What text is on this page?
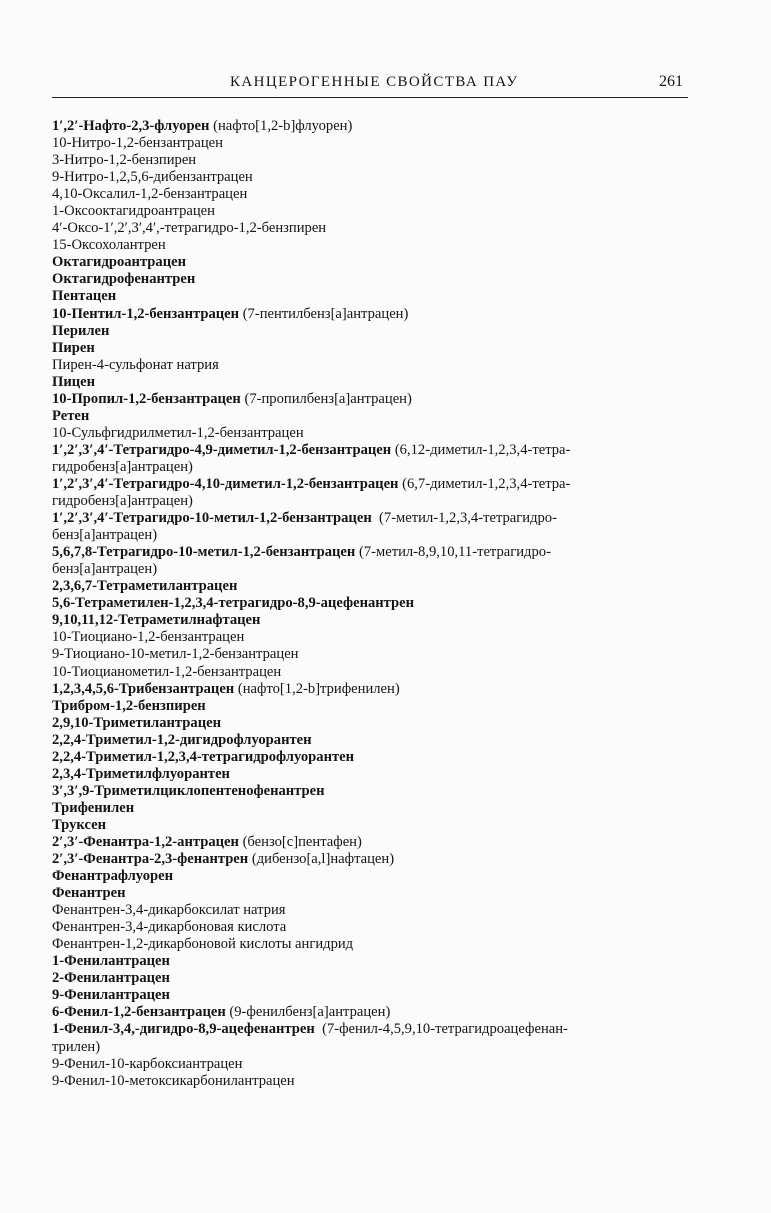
КАНЦЕРОГЕННЫЕ СВОЙСТВА ПАУ	261
1′,2′-Нафто-2,3-флуорен (нафто[1,2-b]флуорен)
10-Нитро-1,2-бензантрацен
3-Нитро-1,2-бензпирен
9-Нитро-1,2,5,6-дибензантрацен
4,10-Оксалил-1,2-бензантрацен
1-Оксооктагидроантрацен
4′-Оксо-1′,2′,3′,4′,-тетрагидро-1,2-бензпирен
15-Оксохолантрен
Октагидроантрацен
Октагидрофенантрен
Пентацен
10-Пентил-1,2-бензантрацен (7-пентилбенз[a]антрацен)
Перилен
Пирен
Пирен-4-сульфонат натрия
Пицен
10-Пропил-1,2-бензантрацен (7-пропилбенз[a]антрацен)
Ретен
10-Сульфгидрилметил-1,2-бензантрацен
1′,2′,3′,4′-Тетрагидро-4,9-диметил-1,2-бензантрацен (6,12-диметил-1,2,3,4-тетра-
гидробенз[a]антрацен)
1′,2′,3′,4′-Тетрагидро-4,10-диметил-1,2-бензантрацен (6,7-диметил-1,2,3,4-тетра-
гидробенз[a]антрацен)
1′,2′,3′,4′-Тетрагидро-10-метил-1,2-бензантрацен  (7-метил-1,2,3,4-тетрагидро-
бенз[a]антрацен)
5,6,7,8-Тетрагидро-10-метил-1,2-бензантрацен (7-метил-8,9,10,11-тетрагидро-
бенз[a]антрацен)
2,3,6,7-Тетраметилантрацен
5,6-Тетраметилен-1,2,3,4-тетрагидро-8,9-ацефенантрен
9,10,11,12-Тетраметилнафтацен
10-Тиоциано-1,2-бензантрацен
9-Тиоциано-10-метил-1,2-бензантрацен
10-Тиоцианометил-1,2-бензантрацен
1,2,3,4,5,6-Трибензантрацен (нафто[1,2-b]трифенилен)
Трибром-1,2-бензпирен
2,9,10-Триметилантрацен
2,2,4-Триметил-1,2-дигидрофлуорантен
2,2,4-Триметил-1,2,3,4-тетрагидрофлуорантен
2,3,4-Триметилфлуорантен
3′,3′,9-Триметилциклопентенофенантрен
Трифенилен
Труксен
2′,3′-Фенантра-1,2-антрацен (бензо[c]пентафен)
2′,3′-Фенантра-2,3-фенантрен (дибензо[a,l]нафтацен)
Фенантрафлуорен
Фенантрен
Фенантрен-3,4-дикарбоксилат натрия
Фенантрен-3,4-дикарбоновая кислота
Фенантрен-1,2-дикарбоновой кислоты ангидрид
1-Фенилантрацен
2-Фенилантрацен
9-Фенилантрацен
6-Фенил-1,2-бензантрацен (9-фенилбенз[a]антрацен)
1-Фенил-3,4,-дигидро-8,9-ацефенантрен  (7-фенил-4,5,9,10-тетрагидроацефенан-
трилен)
9-Фенил-10-карбоксиантрацен
9-Фенил-10-метоксикарбонилантрацен
